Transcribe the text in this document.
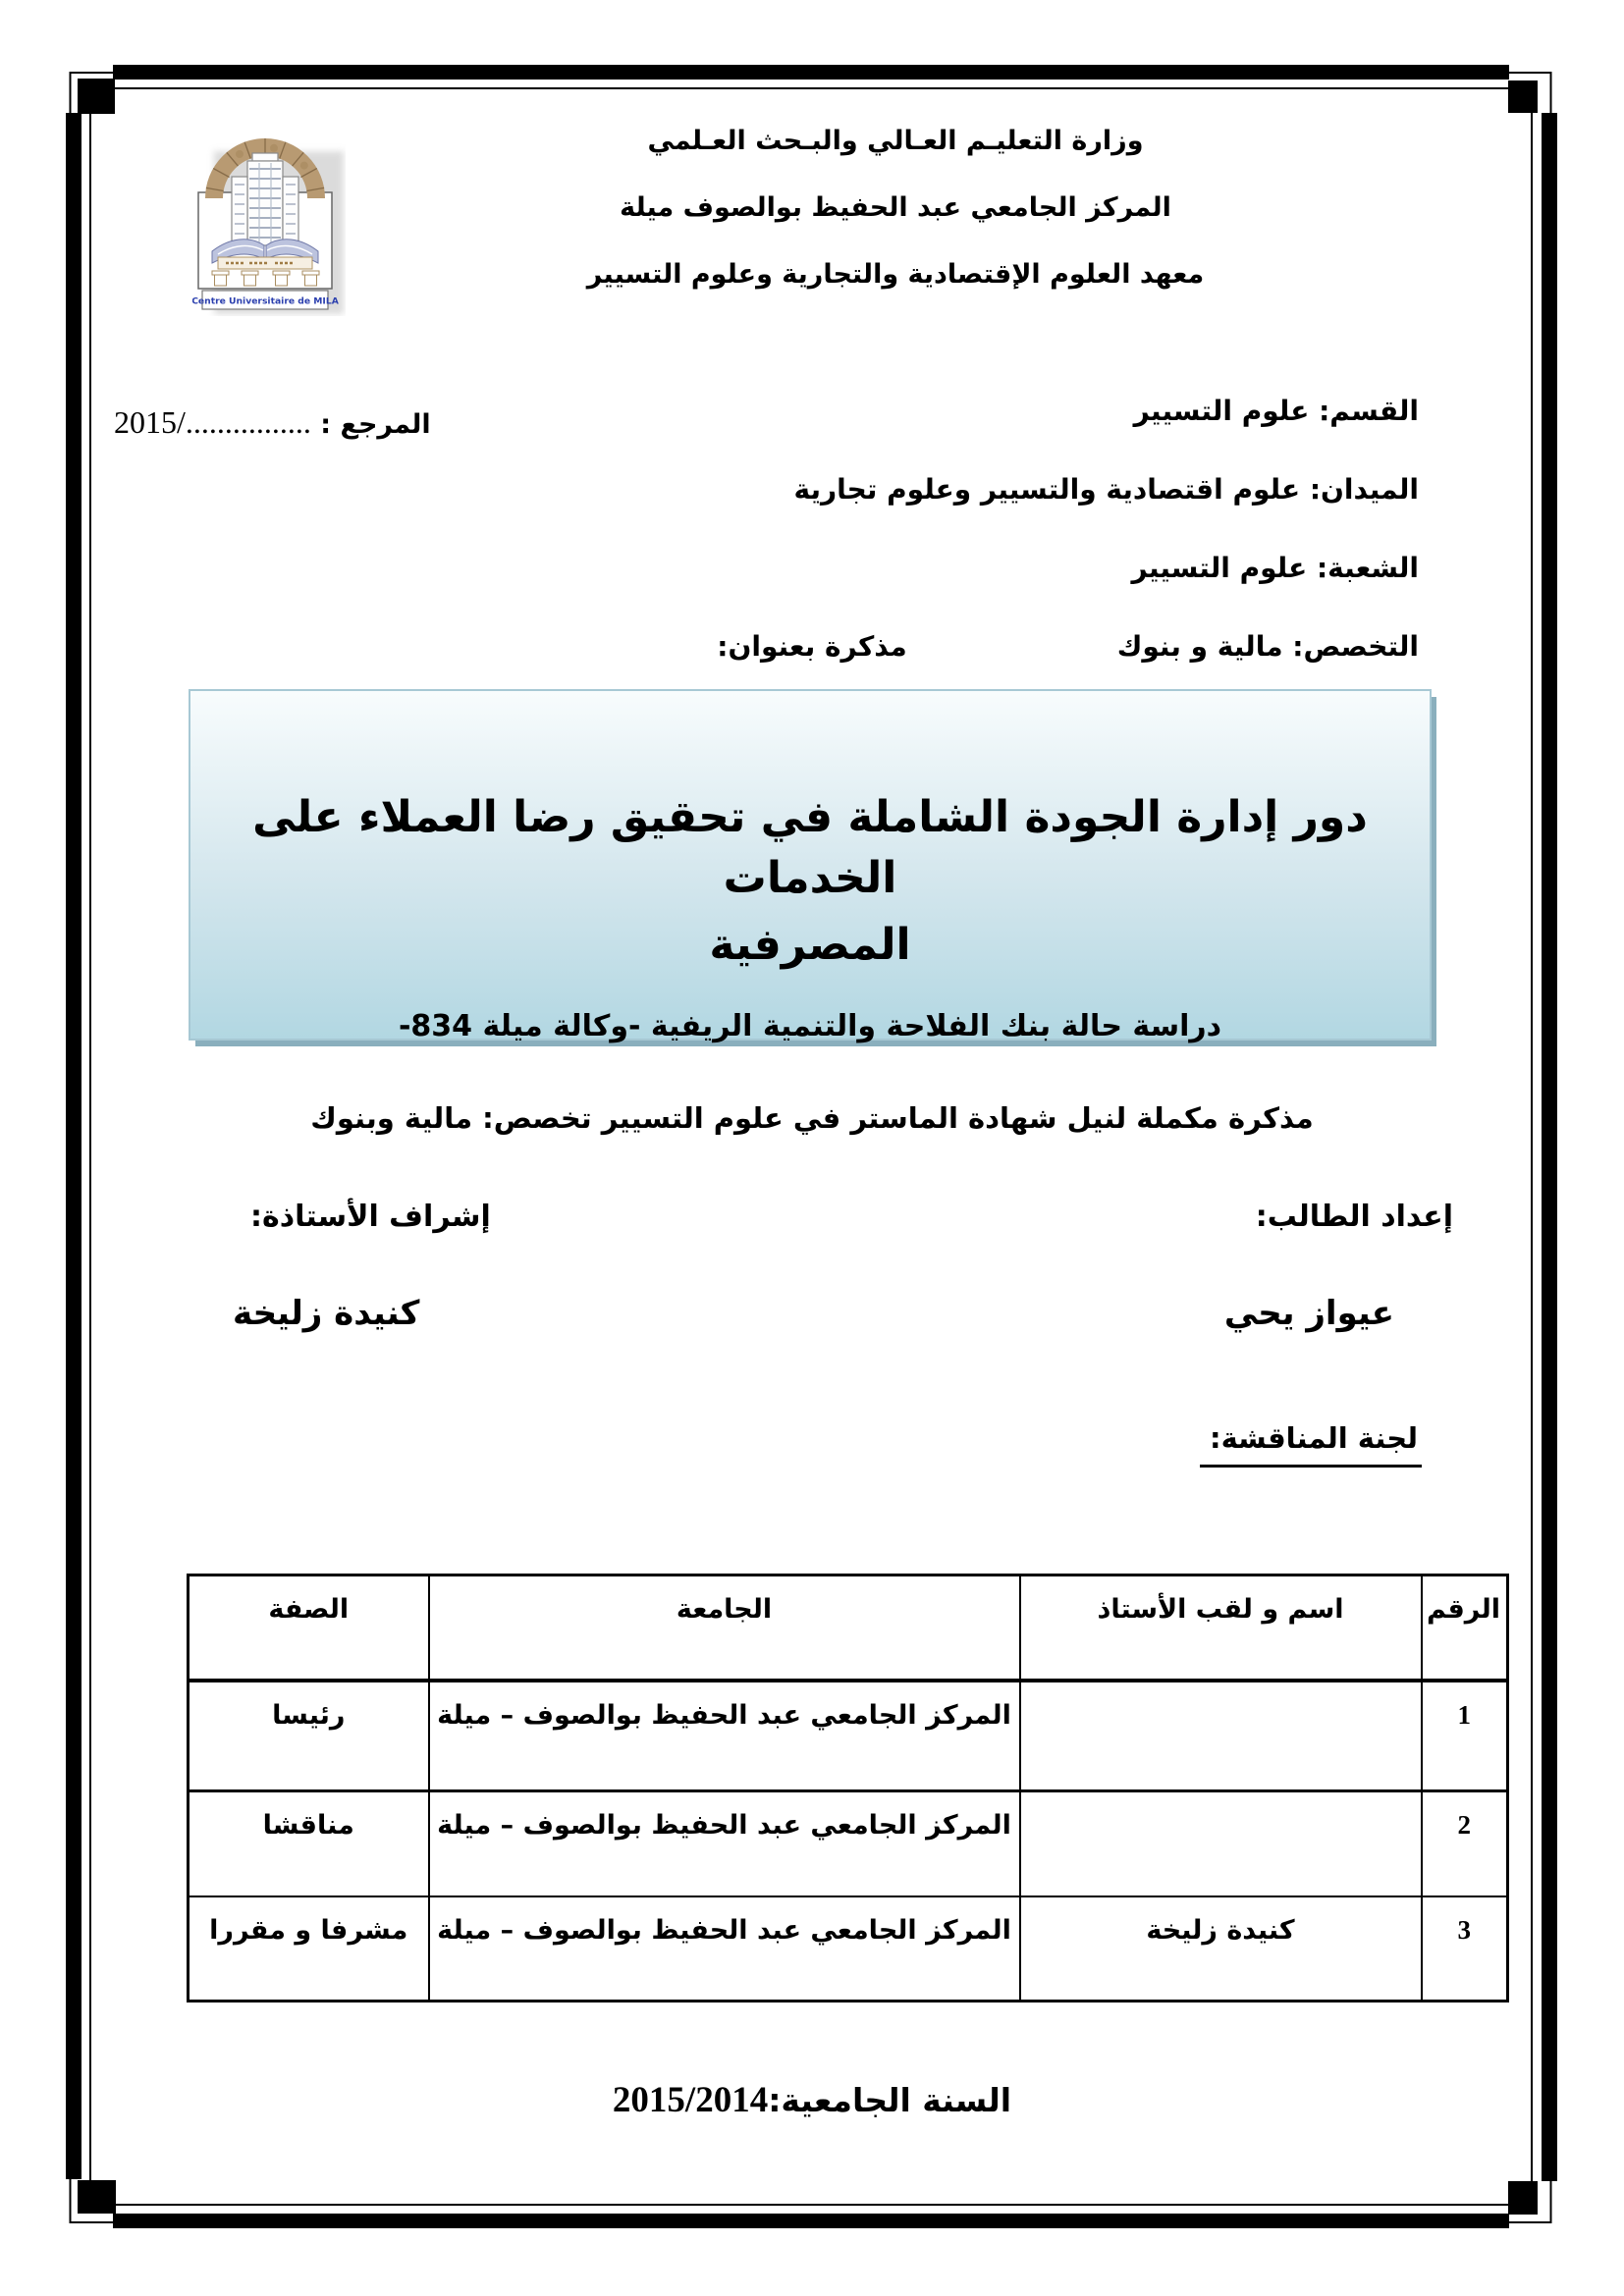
Centre Universitaire de MILA
وزارة التعليـم العـالي والبـحث العـلمي
المركز الجامعي عبد الحفيظ بوالصوف ميلة
معهد العلوم الإقتصادية والتجارية وعلوم التسيير
القسم: علوم التسيير
الميدان: علوم اقتصادية والتسيير وعلوم تجارية
الشعبة: علوم التسيير
التخصص: مالية و بنوك
المرجع : 2015/................
مذكرة بعنوان:
دور إدارة الجودة الشاملة في تحقيق رضا العملاء على الخدمات
المصرفية
دراسة حالة بنك الفلاحة والتنمية الريفية -وكالة ميلة 834-
مذكرة مكملة لنيل شهادة الماستر في علوم التسيير تخصص: مالية وبنوك
إعداد الطالب:
إشراف الأستاذة:
عيواز يحي
كنيدة زليخة
لجنة المناقشة:
الرقم	اسم و لقب الأستاذ	الجامعة	الصفة
1		المركز الجامعي عبد الحفيظ بوالصوف – ميلة	رئيسا
2		المركز الجامعي عبد الحفيظ بوالصوف – ميلة	مناقشا
3	كنيدة زليخة	المركز الجامعي عبد الحفيظ بوالصوف – ميلة	مشرفا و مقررا
السنة الجامعية:2015/2014
